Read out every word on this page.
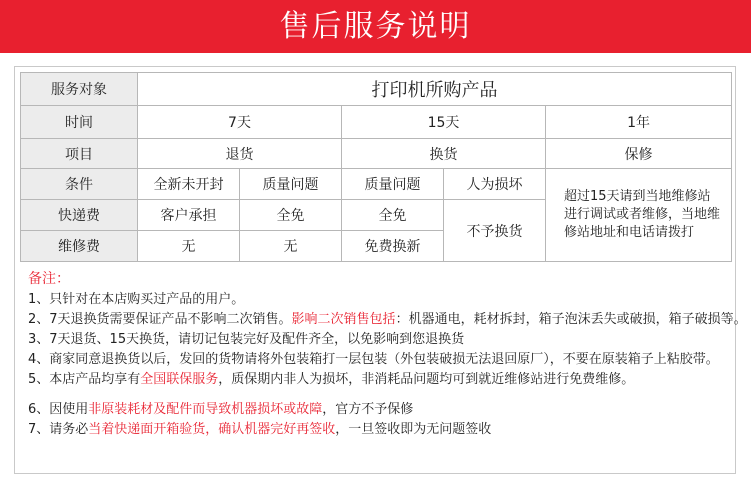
售后服务说明
服务对象	打印机所购产品				
时间	7天		15天		1年
项目	退货		换货		保修
条件	全新未开封	质量问题	质量问题	人为损坏	超过15天请到当地维修站进行调试或者维修，当地维修站地址和电话请拨打
快递费	客户承担	全免	全免	不予换货	
维修费	无	无	免费换新		
备注：
1、只针对在本店购买过产品的用户。
2、7天退换货需要保证产品不影响二次销售。影响二次销售包括：机器通电，耗材拆封，箱子泡沫丢失或破损，箱子破损等。
3、7天退货、15天换货，请切记包装完好及配件齐全，以免影响到您退换货
4、商家同意退换货以后，发回的货物请将外包装箱打一层包装（外包装破损无法退回原厂），不要在原装箱子上粘胶带。
5、本店产品均享有全国联保服务，质保期内非人为损坏，非消耗品问题均可到就近维修站进行免费维修。
6、因使用非原装耗材及配件而导致机器损坏或故障，官方不予保修
7、请务必当着快递面开箱验货，确认机器完好再签收，一旦签收即为无问题签收
